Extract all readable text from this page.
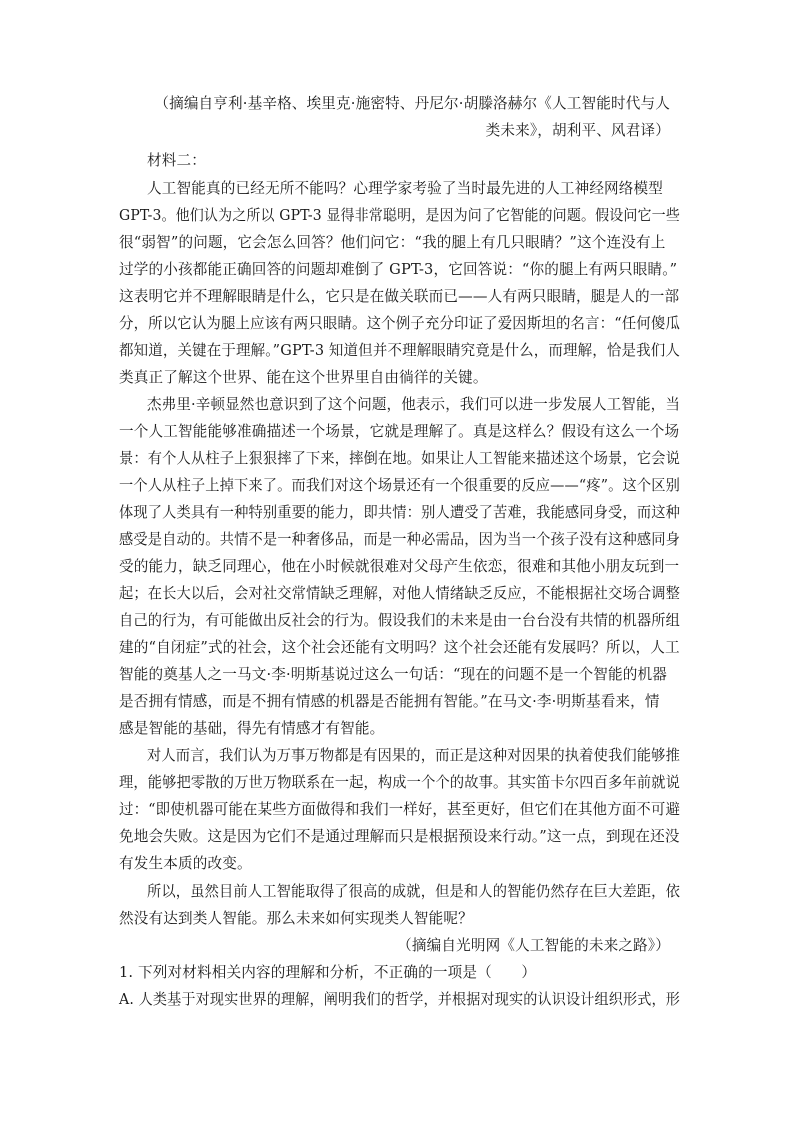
（摘编自亨利·基辛格、埃里克·施密特、丹尼尔·胡滕洛赫尔《人工智能时代与人
类未来》，胡利平、风君译）
材料二：
人工智能真的已经无所不能吗？心理学家考验了当时最先进的人工神经网络模型
GPT-3。他们认为之所以 GPT-3 显得非常聪明，是因为问了它智能的问题。假设问它一些
很“弱智”的问题，它会怎么回答？他们问它：“我的腿上有几只眼睛？”这个连没有上
过学的小孩都能正确回答的问题却难倒了 GPT-3，它回答说：“你的腿上有两只眼睛。”
这表明它并不理解眼睛是什么，它只是在做关联而已——人有两只眼睛，腿是人的一部
分，所以它认为腿上应该有两只眼睛。这个例子充分印证了爱因斯坦的名言：“任何傻瓜
都知道，关键在于理解。”GPT-3 知道但并不理解眼睛究竟是什么，而理解，恰是我们人
类真正了解这个世界、能在这个世界里自由徜徉的关键。
杰弗里·辛顿显然也意识到了这个问题，他表示，我们可以进一步发展人工智能，当
一个人工智能能够准确描述一个场景，它就是理解了。真是这样么？假设有这么一个场
景：有个人从柱子上狠狠摔了下来，摔倒在地。如果让人工智能来描述这个场景，它会说
一个人从柱子上掉下来了。而我们对这个场景还有一个很重要的反应——“疼”。这个区别
体现了人类具有一种特别重要的能力，即共情：别人遭受了苦难，我能感同身受，而这种
感受是自动的。共情不是一种奢侈品，而是一种必需品，因为当一个孩子没有这种感同身
受的能力，缺乏同理心，他在小时候就很难对父母产生依恋，很难和其他小朋友玩到一
起；在长大以后，会对社交常情缺乏理解，对他人情绪缺乏反应，不能根据社交场合调整
自己的行为，有可能做出反社会的行为。假设我们的未来是由一台台没有共情的机器所组
建的“自闭症”式的社会，这个社会还能有文明吗？这个社会还能有发展吗？所以，人工
智能的奠基人之一马文·李·明斯基说过这么一句话：“现在的问题不是一个智能的机器
是否拥有情感，而是不拥有情感的机器是否能拥有智能。”在马文·李·明斯基看来，情
感是智能的基础，得先有情感才有智能。
对人而言，我们认为万事万物都是有因果的，而正是这种对因果的执着使我们能够推
理，能够把零散的万世万物联系在一起，构成一个个的故事。其实笛卡尔四百多年前就说
过：“即使机器可能在某些方面做得和我们一样好，甚至更好，但它们在其他方面不可避
免地会失败。这是因为它们不是通过理解而只是根据预设来行动。”这一点，到现在还没
有发生本质的改变。
所以，虽然目前人工智能取得了很高的成就，但是和人的智能仍然存在巨大差距，依
然没有达到类人智能。那么未来如何实现类人智能呢？
（摘编自光明网《人工智能的未来之路》）
1. 下列对材料相关内容的理解和分析，不正确的一项是（　　）
A. 人类基于对现实世界的理解，阐明我们的哲学，并根据对现实的认识设计组织形式，形
